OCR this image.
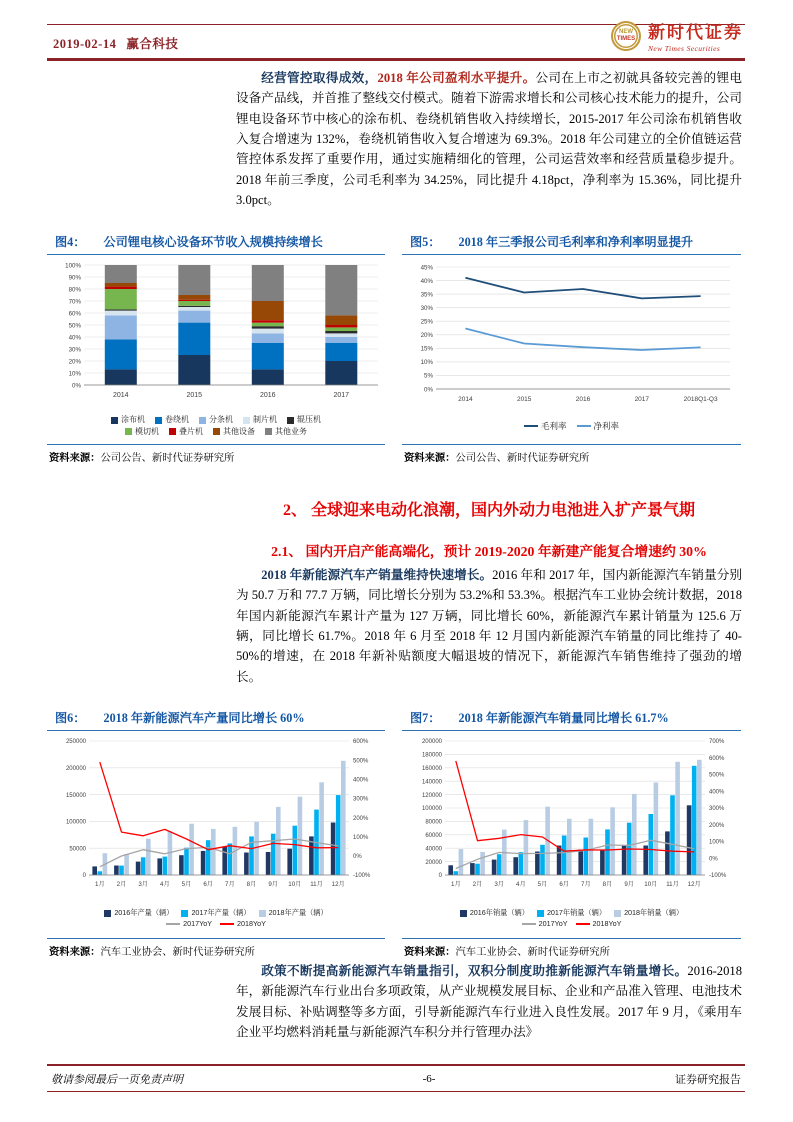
2019-02-14 赢合科技
NEW
TIMES 新时代证券
New Times Securities

经营管控取得成效，2018 年公司盈利水平提升。公司在上市之初就具备较完善的锂电设备产品线，并首推了整线交付模式。随着下游需求增长和公司核心技术能力的提升，公司锂电设备环节中核心的涂布机、卷绕机销售收入持续增长，2015-2017 年公司涂布机销售收入复合增速为 132%，卷绕机销售收入复合增速为 69.3%。2018 年公司建立的全价值链运营管控体系发挥了重要作用，通过实施精细化的管理，公司运营效率和经营质量稳步提升。2018 年前三季度，公司毛利率为 34.25%，同比提升 4.18pct，净利率为 15.36%，同比提升 3.0pct。

图4： 公司锂电核心设备环节收入规模持续增长
0%
10%
20%
30%
40%
50%
60%
70%
80%
90%
100%
2014	2015	2016	2017
涂布机	卷绕机	分条机	制片机	辊压机
模切机	叠片机	其他设备	其他业务
资料来源：公司公告、新时代证券研究所
图5： 2018 年三季报公司毛利率和净利率明显提升
0%
5%
10%
15%
20%
25%
30%
35%
40%
45%
2014	2015	2016	2017	2018Q1-Q3
毛利率	净利率
资料来源：公司公告、新时代证券研究所
2、 全球迎来电动化浪潮，国内外动力电池进入扩产景气期
2.1、 国内开启产能高端化，预计 2019-2020 年新建产能复合增速约 30%

2018 年新能源汽车产销量维持快速增长。2016 年和 2017 年，国内新能源汽车销量分别为 50.7 万和 77.7 万辆，同比增长分别为 53.2%和 53.3%。根据汽车工业协会统计数据，2018 年国内新能源汽车累计产量为 127 万辆，同比增长 60%，新能源汽车累计销量为 125.6 万辆，同比增长 61.7%。2018 年 6 月至 2018 年 12 月国内新能源汽车销量的同比维持了 40-50%的增速，在 2018 年新补贴额度大幅退坡的情况下，新能源汽车销售维持了强劲的增长。

图6： 2018 年新能源汽车产量同比增长 60%
0
50000
100000
150000
200000
250000
-100%
0%
100%
200%
300%
400%
500%
600%
1月 2月 3月 4月 5月 6月 7月 8月 9月 10月 11月 12月
2016年产量（辆）	2017年产量（辆）	2018年产量（辆）
2017YoY	2018YoY
资料来源：汽车工业协会、新时代证券研究所
图7： 2018 年新能源汽车销量同比增长 61.7%
0
20000
40000
60000
80000
100000
120000
140000
160000
180000
200000
-100%
0%
100%
200%
300%
400%
500%
600%
700%
1月 2月 3月 4月 5月 6月 7月 8月 9月 10月 11月 12月
2016年销量（辆）	2017年销量（辆）	2018年销量（辆）
2017YoY	2018YoY
资料来源：汽车工业协会、新时代证券研究所

政策不断提高新能源汽车销量指引，双积分制度助推新能源汽车销量增长。2016-2018 年，新能源汽车行业出台多项政策，从产业规模发展目标、企业和产品准入管理、电池技术发展目标、补贴调整等多方面，引导新能源汽车行业进入良性发展。2017 年 9 月，《乘用车企业平均燃料消耗量与新能源汽车积分并行管理办法》

敬请参阅最后一页免责声明	-6-	证券研究报告
